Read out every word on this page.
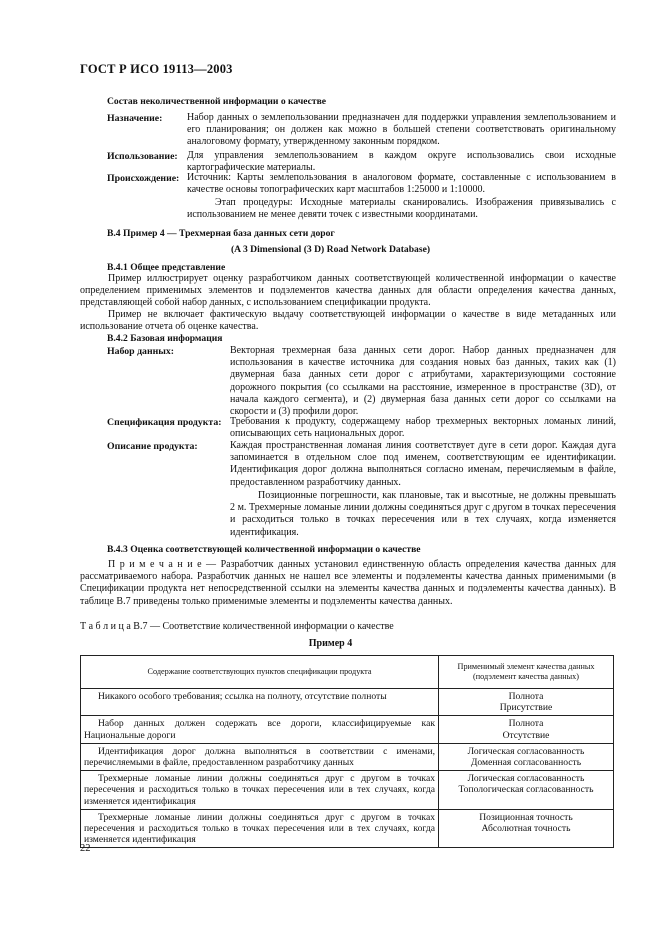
ГОСТ Р ИСО 19113—2003
Состав неколичественной информации о качестве
Назначение: Набор данных о землепользовании предназначен для поддержки управления землепользованием и его планирования; он должен как можно в большей степени соответствовать оригинальному аналоговому формату, утвержденному законным порядком.
Использование: Для управления землепользованием в каждом округе использовались свои исходные картографические материалы.
Происхождение: Источник: Карты землепользования в аналоговом формате, составленные с использованием в качестве основы топографических карт масштабов 1:25000 и 1:10000.
Этап процедуры: Исходные материалы сканировались. Изображения привязывались с использованием не менее девяти точек с известными координатами.
В.4 Пример 4 — Трехмерная база данных сети дорог
(A 3 Dimensional (3 D) Road Network Database)
В.4.1 Общее представление
Пример иллюстрирует оценку разработчиком данных соответствующей количественной информации о качестве определением применимых элементов и подэлементов качества данных для области определения качества данных, представляющей собой набор данных, с использованием спецификации продукта.
Пример не включает фактическую выдачу соответствующей информации о качестве в виде метаданных или использование отчета об оценке качества.
В.4.2 Базовая информация
Набор данных:	Векторная трехмерная база данных сети дорог. Набор данных предназначен для использования в качестве источника для создания новых баз данных, таких как (1) двумерная база данных сети дорог с атрибутами, характеризующими состояние дорожного покрытия (со ссылками на расстояние, измеренное в пространстве (3D), от начала каждого сегмента), и (2) двумерная база данных сети дорог со ссылками на скорости и (3) профили дорог.
Спецификация продукта: Требования к продукту, содержащему набор трехмерных векторных ломаных линий, описывающих сеть национальных дорог.
Описание продукта:	Каждая пространственная ломаная линия соответствует дуге в сети дорог. Каждая дуга запоминается в отдельном слое под именем, соответствующим ее идентификации. Идентификация дорог должна выполняться согласно именам, перечисляемым в файле, предоставленном разработчику данных.
Позиционные погрешности, как плановые, так и высотные, не должны превышать 2 м. Трехмерные ломаные линии должны соединяться друг с другом в точках пересечения и расходиться только в точках пересечения или в тех случаях, когда изменяется идентификация.
В.4.3 Оценка соответствующей количественной информации о качестве
П р и м е ч а н и е — Разработчик данных установил единственную область определения качества данных для рассматриваемого набора. Разработчик данных не нашел все элементы и подэлементы качества данных применимыми (в Спецификации продукта нет непосредственной ссылки на элементы качества данных и подэлементы качества данных). В таблице В.7 приведены только применимые элементы и подэлементы качества данных.
Т а б л и ц а В.7 — Соответствие количественной информации о качестве
Пример 4
Содержание соответствующих пунктов спецификации продукта	Применимый элемент качества данных (подэлемент качества данных)

Никакого особого требования; ссылка на полноту, отсутствие полноты	Полнота
Присутствие

Набор данных должен содержать все дороги, классифицируемые как Национальные дороги	Полнота
Отсутствие

Идентификация дорог должна выполняться в соответствии с именами, перечисляемыми в файле, предоставленном разработчику данных	Логическая согласованность
Доменная согласованность

Трехмерные ломаные линии должны соединяться друг с другом в точках пересечения и расходиться только в точках пересечения или в тех случаях, когда изменяется идентификация	Логическая согласованность
Топологическая согласованность

Трехмерные ломаные линии должны соединяться друг с другом в точках пересечения и расходиться только в точках пересечения или в тех случаях, когда изменяется идентификация	Позиционная точность
Абсолютная точность
22
